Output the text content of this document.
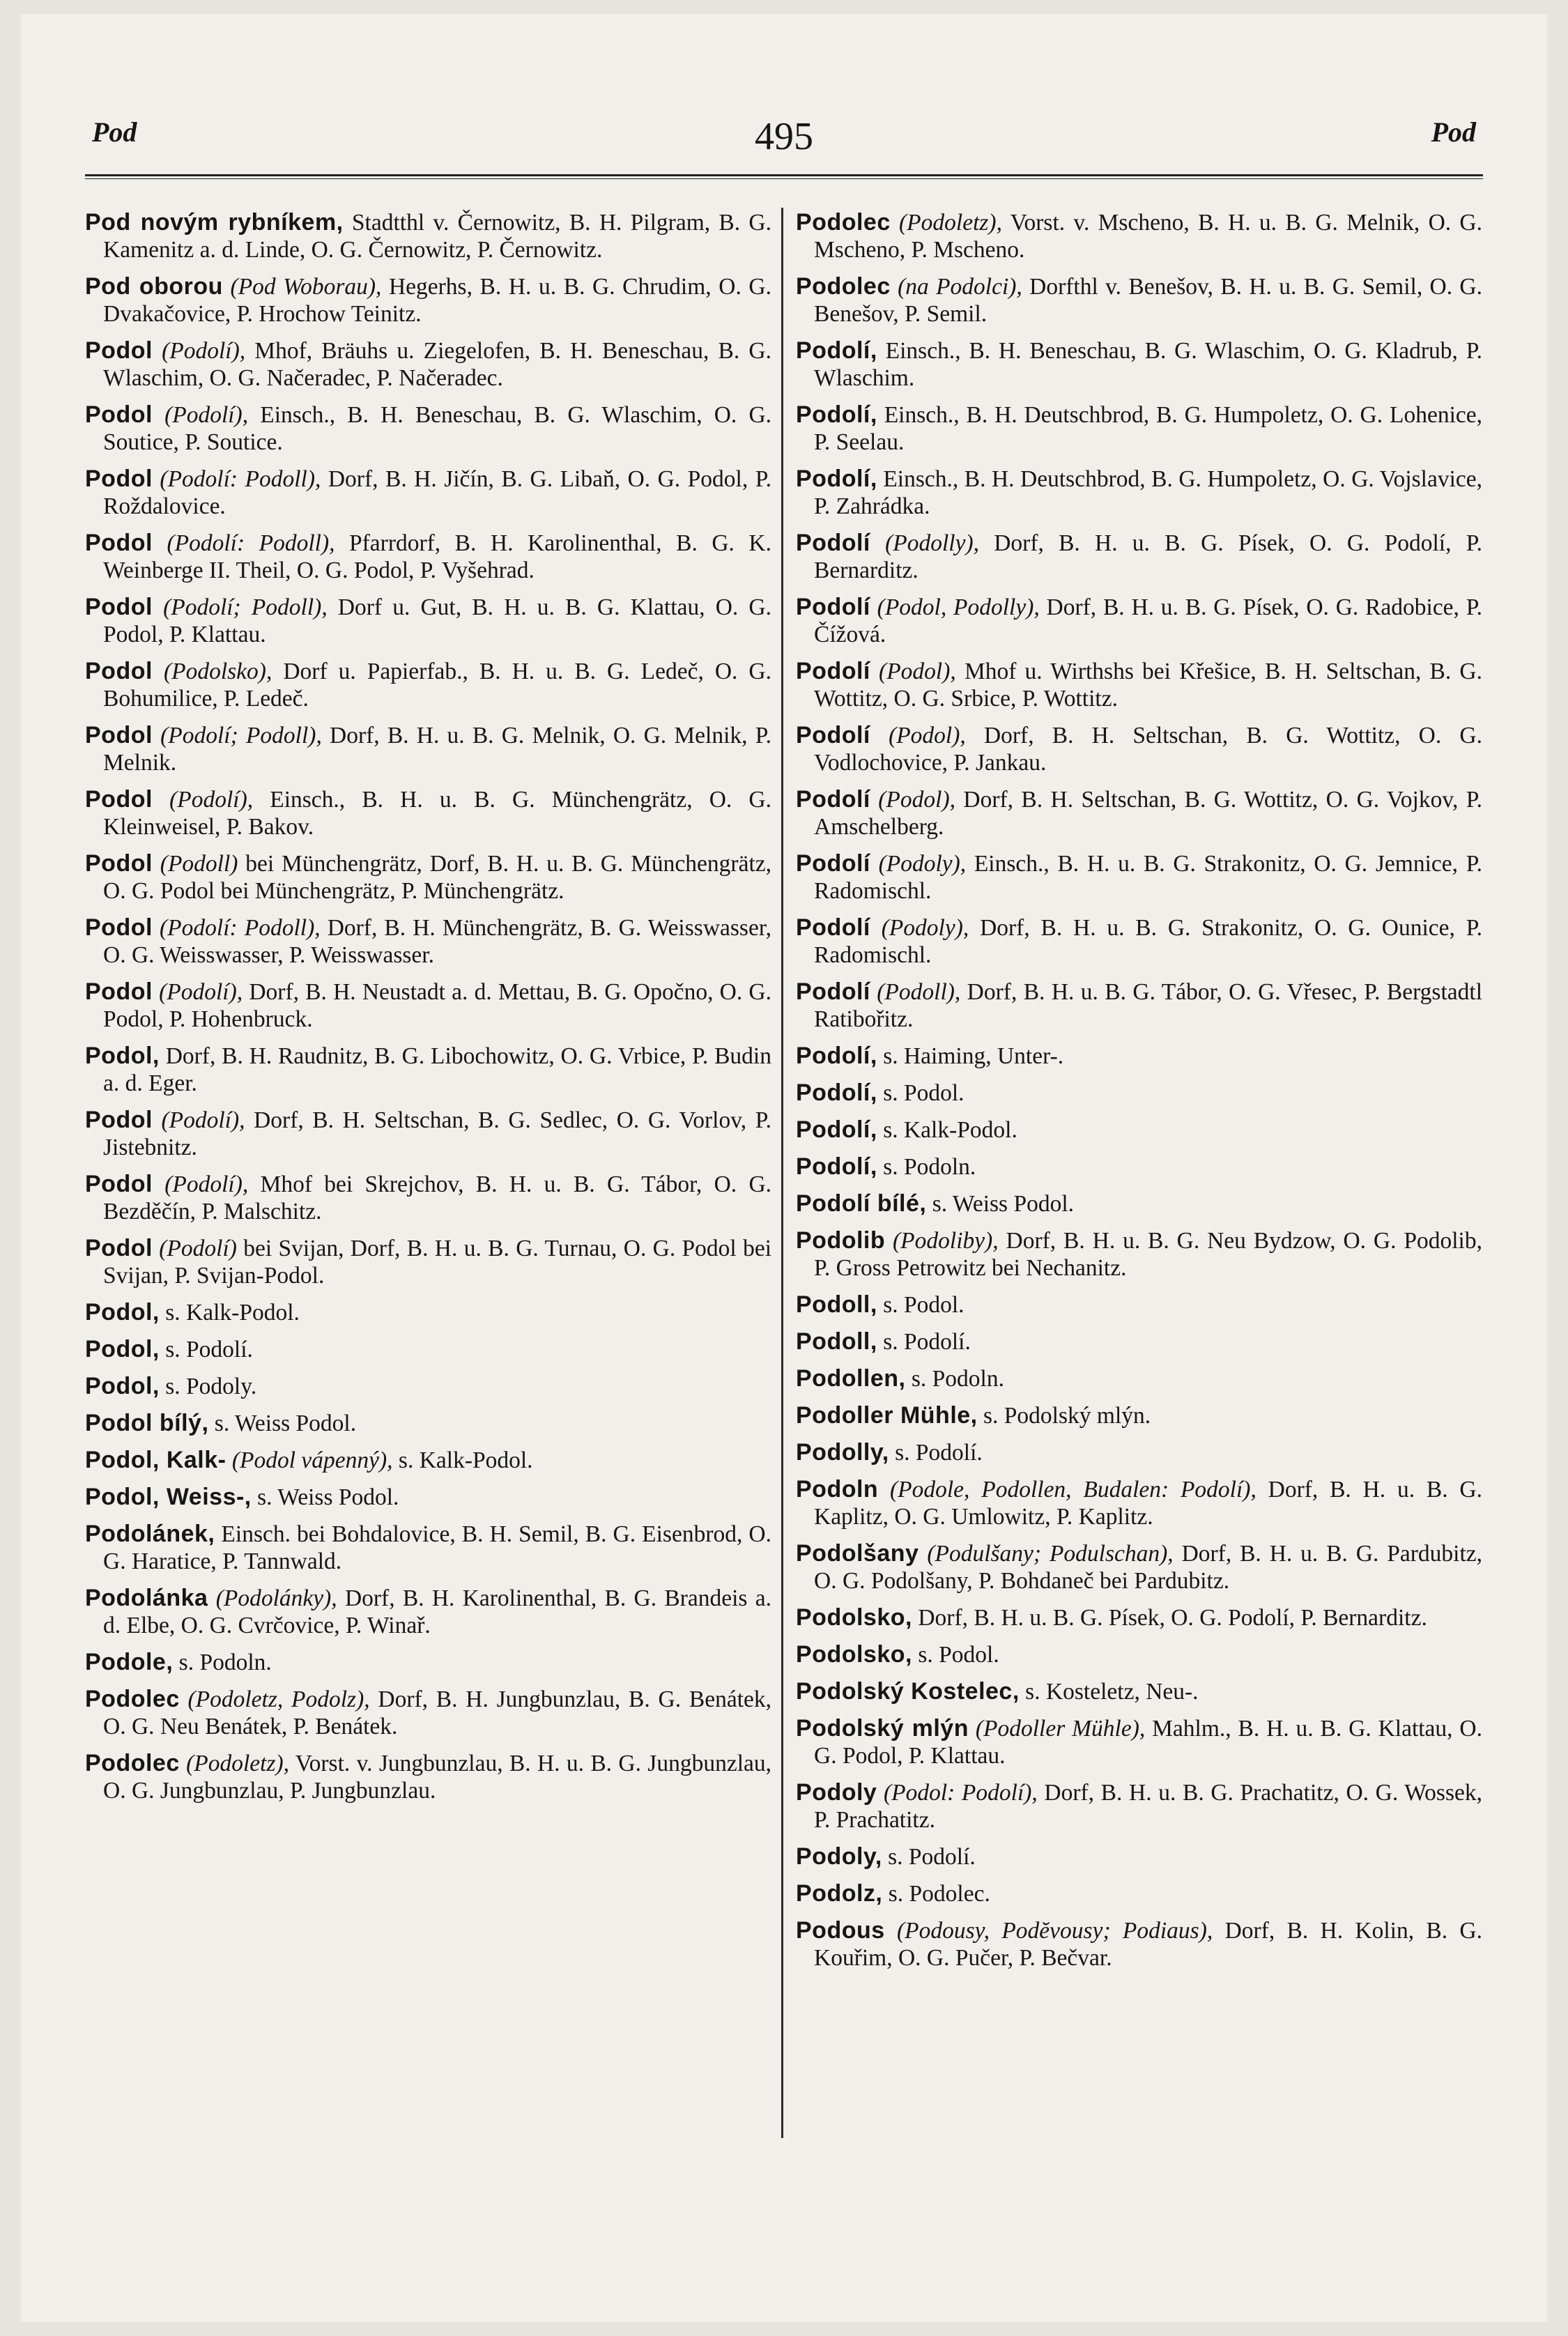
Pod	495	Pod

Pod novým rybníkem, Stadtthl v. Černowitz, B. H. Pilgram, B. G. Kamenitz a. d. Linde, O. G. Černowitz, P. Černowitz.

Pod oborou (Pod Woborau), Hegerhs, B. H. u. B. G. Chrudim, O. G. Dvakačovice, P. Hrochow Teinitz.

Podol (Podolí), Mhof, Bräuhs u. Ziegelofen, B. H. Beneschau, B. G. Wlaschim, O. G. Načeradec, P. Načeradec.

Podol (Podolí), Einsch., B. H. Beneschau, B. G. Wlaschim, O. G. Soutice, P. Soutice.

Podol (Podolí: Podoll), Dorf, B. H. Jičín, B. G. Libaň, O. G. Podol, P. Roždalovice.

Podol (Podolí: Podoll), Pfarrdorf, B. H. Karolinenthal, B. G. K. Weinberge II. Theil, O. G. Podol, P. Vyšehrad.

Podol (Podolí; Podoll), Dorf u. Gut, B. H. u. B. G. Klattau, O. G. Podol, P. Klattau.

Podol (Podolsko), Dorf u. Papierfab., B. H. u. B. G. Ledeč, O. G. Bohumilice, P. Ledeč.

Podol (Podolí; Podoll), Dorf, B. H. u. B. G. Melnik, O. G. Melnik, P. Melnik.

Podol (Podolí), Einsch., B. H. u. B. G. Münchengrätz, O. G. Kleinweisel, P. Bakov.

Podol (Podoll) bei Münchengrätz, Dorf, B. H. u. B. G. Münchengrätz, O. G. Podol bei Münchengrätz, P. Münchengrätz.

Podol (Podolí: Podoll), Dorf, B. H. Münchengrätz, B. G. Weisswasser, O. G. Weisswasser, P. Weisswasser.

Podol (Podolí), Dorf, B. H. Neustadt a. d. Mettau, B. G. Opočno, O. G. Podol, P. Hohenbruck.

Podol, Dorf, B. H. Raudnitz, B. G. Libochowitz, O. G. Vrbice, P. Budin a. d. Eger.

Podol (Podolí), Dorf, B. H. Seltschan, B. G. Sedlec, O. G. Vorlov, P. Jistebnitz.

Podol (Podolí), Mhof bei Skrejchov, B. H. u. B. G. Tábor, O. G. Bezděčín, P. Malschitz.

Podol (Podolí) bei Svijan, Dorf, B. H. u. B. G. Turnau, O. G. Podol bei Svijan, P. Svijan-Podol.

Podol, s. Kalk-Podol.

Podol, s. Podolí.

Podol, s. Podoly.

Podol bílý, s. Weiss Podol.

Podol, Kalk- (Podol vápenný), s. Kalk-Podol.

Podol, Weiss-, s. Weiss Podol.

Podolánek, Einsch. bei Bohdalovice, B. H. Semil, B. G. Eisenbrod, O. G. Haratice, P. Tannwald.

Podolánka (Podolánky), Dorf, B. H. Karolinenthal, B. G. Brandeis a. d. Elbe, O. G. Cvrčovice, P. Winař.

Podole, s. Podoln.

Podolec (Podoletz, Podolz), Dorf, B. H. Jungbunzlau, B. G. Benátek, O. G. Neu Benátek, P. Benátek.

Podolec (Podoletz), Vorst. v. Jungbunzlau, B. H. u. B. G. Jungbunzlau, O. G. Jungbunzlau, P. Jungbunzlau.

Podolec (Podoletz), Vorst. v. Mscheno, B. H. u. B. G. Melnik, O. G. Mscheno, P. Mscheno.

Podolec (na Podolci), Dorfthl v. Benešov, B. H. u. B. G. Semil, O. G. Benešov, P. Semil.

Podolí, Einsch., B. H. Beneschau, B. G. Wlaschim, O. G. Kladrub, P. Wlaschim.

Podolí, Einsch., B. H. Deutschbrod, B. G. Humpoletz, O. G. Lohenice, P. Seelau.

Podolí, Einsch., B. H. Deutschbrod, B. G. Humpoletz, O. G. Vojslavice, P. Zahrádka.

Podolí (Podolly), Dorf, B. H. u. B. G. Písek, O. G. Podolí, P. Bernarditz.

Podolí (Podol, Podolly), Dorf, B. H. u. B. G. Písek, O. G. Radobice, P. Čížová.

Podolí (Podol), Mhof u. Wirthshs bei Křešice, B. H. Seltschan, B. G. Wottitz, O. G. Srbice, P. Wottitz.

Podolí (Podol), Dorf, B. H. Seltschan, B. G. Wottitz, O. G. Vodlochovice, P. Jankau.

Podolí (Podol), Dorf, B. H. Seltschan, B. G. Wottitz, O. G. Vojkov, P. Amschelberg.

Podolí (Podoly), Einsch., B. H. u. B. G. Strakonitz, O. G. Jemnice, P. Radomischl.

Podolí (Podoly), Dorf, B. H. u. B. G. Strakonitz, O. G. Ounice, P. Radomischl.

Podolí (Podoll), Dorf, B. H. u. B. G. Tábor, O. G. Vřesec, P. Bergstadtl Ratibořitz.

Podolí, s. Haiming, Unter-.

Podolí, s. Podol.

Podolí, s. Kalk-Podol.

Podolí, s. Podoln.

Podolí bílé, s. Weiss Podol.

Podolib (Podoliby), Dorf, B. H. u. B. G. Neu Bydzow, O. G. Podolib, P. Gross Petrowitz bei Nechanitz.

Podoll, s. Podol.

Podoll, s. Podolí.

Podollen, s. Podoln.

Podoller Mühle, s. Podolský mlýn.

Podolly, s. Podolí.

Podoln (Podole, Podollen, Budalen: Podolí), Dorf, B. H. u. B. G. Kaplitz, O. G. Umlowitz, P. Kaplitz.

Podolšany (Podulšany; Podulschan), Dorf, B. H. u. B. G. Pardubitz, O. G. Podolšany, P. Bohdaneč bei Pardubitz.

Podolsko, Dorf, B. H. u. B. G. Písek, O. G. Podolí, P. Bernarditz.

Podolsko, s. Podol.

Podolský Kostelec, s. Kosteletz, Neu-.

Podolský mlýn (Podoller Mühle), Mahlm., B. H. u. B. G. Klattau, O. G. Podol, P. Klattau.

Podoly (Podol: Podolí), Dorf, B. H. u. B. G. Prachatitz, O. G. Wossek, P. Prachatitz.

Podoly, s. Podolí.

Podolz, s. Podolec.

Podous (Podousy, Podĕvousy; Podiaus), Dorf, B. H. Kolin, B. G. Kouřim, O. G. Pučer, P. Bečvar.
